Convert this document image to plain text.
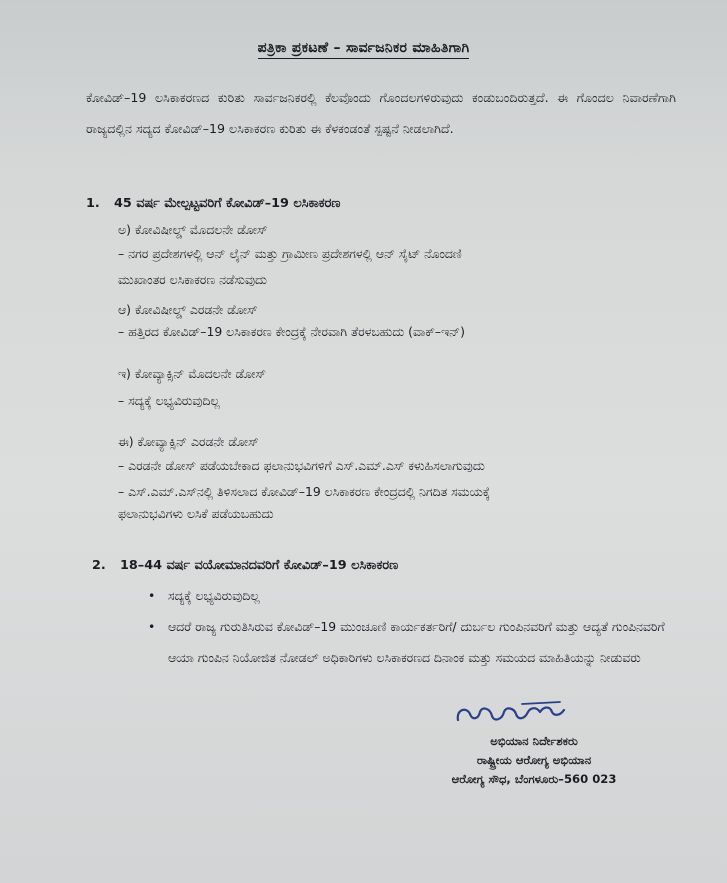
ಪತ್ರಿಕಾ ಪ್ರಕಟಣೆ – ಸಾರ್ವಜನಿಕರ ಮಾಹಿತಿಗಾಗಿ
ಕೋವಿಡ್‌–19 ಲಸಿಕಾಕರಣದ ಕುರಿತು ಸಾರ್ವಜನಿಕರಲ್ಲಿ ಕೆಲವೊಂದು ಗೊಂದಲಗಳಿರುವುದು ಕಂಡುಬಂದಿರುತ್ತದೆ. ಈ ಗೊಂದಲ ನಿವಾರಣೆಗಾಗಿ ರಾಜ್ಯದಲ್ಲಿನ ಸದ್ಯದ ಕೋವಿಡ್‌–19 ಲಸಿಕಾಕರಣ ಕುರಿತು ಈ ಕೆಳಕಂಡಂತೆ ಸ್ಪಷ್ಟನೆ ನೀಡಲಾಗಿದೆ.
1. 45 ವರ್ಷ ಮೇಲ್ಪಟ್ಟವರಿಗೆ ಕೋವಿಡ್‌–19 ಲಸಿಕಾಕರಣ
ಅ) ಕೋವಿಷೀಲ್ಡ್‌ ಮೊದಲನೇ ಡೋಸ್‌
– ನಗರ ಪ್ರದೇಶಗಳಲ್ಲಿ ಆನ್‌ ಲೈನ್‌ ಮತ್ತು ಗ್ರಾಮೀಣ ಪ್ರದೇಶಗಳಲ್ಲಿ ಆನ್‌ ಸೈಟ್‌ ನೊಂದಣಿ
ಮುಖಾಂತರ ಲಸಿಕಾಕರಣ ನಡೆಸುವುದು
ಆ) ಕೋವಿಷೀಲ್ಡ್‌ ಎರಡನೇ ಡೋಸ್‌
– ಹತ್ತಿರದ ಕೋವಿಡ್‌–19 ಲಸಿಕಾಕರಣ ಕೇಂದ್ರಕ್ಕೆ ನೇರವಾಗಿ ತೆರಳಬಹುದು (ವಾಕ್‌–ಇನ್‌)
ಇ) ಕೋವ್ಯಾಕ್ಸಿನ್‌ ಮೊದಲನೇ ಡೋಸ್‌
– ಸದ್ಯಕ್ಕೆ ಲಭ್ಯವಿರುವುದಿಲ್ಲ
ಈ) ಕೋವ್ಯಾಕ್ಸಿನ್‌ ಎರಡನೇ ಡೋಸ್‌
– ಎರಡನೇ ಡೋಸ್‌ ಪಡೆಯಬೇಕಾದ ಫಲಾನುಭವಿಗಳಿಗೆ ಎಸ್‌.ಎಮ್‌.ಎಸ್‌ ಕಳುಹಿಸಲಾಗುವುದು
– ಎಸ್‌.ಎಮ್‌.ಎಸ್‌ನಲ್ಲಿ ತಿಳಿಸಲಾದ ಕೋವಿಡ್‌–19 ಲಸಿಕಾಕರಣ ಕೇಂದ್ರದಲ್ಲಿ ನಿಗದಿತ ಸಮಯಕ್ಕೆ
ಫಲಾನುಭವಿಗಳು ಲಸಿಕೆ ಪಡೆಯಬಹುದು
2. 18–44 ವರ್ಷ ವಯೋಮಾನದವರಿಗೆ ಕೋವಿಡ್‌–19 ಲಸಿಕಾಕರಣ
• ಸದ್ಯಕ್ಕೆ ಲಭ್ಯವಿರುವುದಿಲ್ಲ
• ಆದರೆ ರಾಜ್ಯ ಗುರುತಿಸಿರುವ ಕೋವಿಡ್‌–19 ಮುಂಚೂಣಿ ಕಾರ್ಯಕರ್ತರಿಗೆ/ ದುರ್ಬಲ ಗುಂಪಿನವರಿಗೆ ಮತ್ತು ಆದ್ಯತೆ ಗುಂಪಿನವರಿಗೆ ಆಯಾ ಗುಂಪಿನ ನಿಯೋಜಿತ ನೋಡಲ್‌ ಅಧಿಕಾರಿಗಳು ಲಸಿಕಾಕರಣದ ದಿನಾಂಕ ಮತ್ತು ಸಮಯದ ಮಾಹಿತಿಯನ್ನು ನೀಡುವರು
ಅಭಿಯಾನ ನಿರ್ದೇಶಕರು
ರಾಷ್ಟ್ರೀಯ ಆರೋಗ್ಯ ಅಭಿಯಾನ
ಆರೋಗ್ಯ ಸೌಧ, ಬೆಂಗಳೂರು–560 023
